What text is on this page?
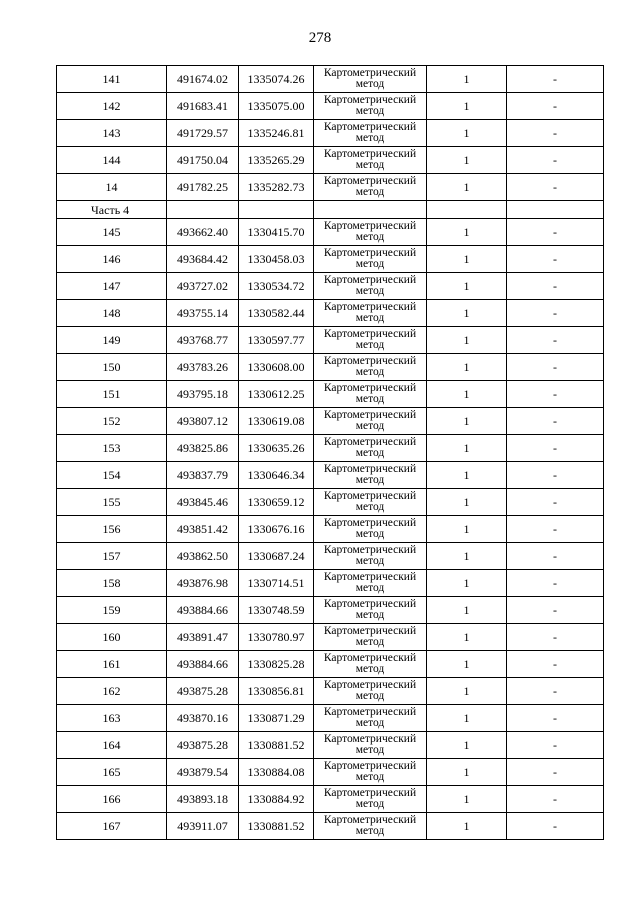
278
141	491674.02	1335074.26	Картометрический метод	1	-
142	491683.41	1335075.00	Картометрический метод	1	-
143	491729.57	1335246.81	Картометрический метод	1	-
144	491750.04	1335265.29	Картометрический метод	1	-
14	491782.25	1335282.73	Картометрический метод	1	-
Часть 4					
145	493662.40	1330415.70	Картометрический метод	1	-
146	493684.42	1330458.03	Картометрический метод	1	-
147	493727.02	1330534.72	Картометрический метод	1	-
148	493755.14	1330582.44	Картометрический метод	1	-
149	493768.77	1330597.77	Картометрический метод	1	-
150	493783.26	1330608.00	Картометрический метод	1	-
151	493795.18	1330612.25	Картометрический метод	1	-
152	493807.12	1330619.08	Картометрический метод	1	-
153	493825.86	1330635.26	Картометрический метод	1	-
154	493837.79	1330646.34	Картометрический метод	1	-
155	493845.46	1330659.12	Картометрический метод	1	-
156	493851.42	1330676.16	Картометрический метод	1	-
157	493862.50	1330687.24	Картометрический метод	1	-
158	493876.98	1330714.51	Картометрический метод	1	-
159	493884.66	1330748.59	Картометрический метод	1	-
160	493891.47	1330780.97	Картометрический метод	1	-
161	493884.66	1330825.28	Картометрический метод	1	-
162	493875.28	1330856.81	Картометрический метод	1	-
163	493870.16	1330871.29	Картометрический метод	1	-
164	493875.28	1330881.52	Картометрический метод	1	-
165	493879.54	1330884.08	Картометрический метод	1	-
166	493893.18	1330884.92	Картометрический метод	1	-
167	493911.07	1330881.52	Картометрический метод	1	-
